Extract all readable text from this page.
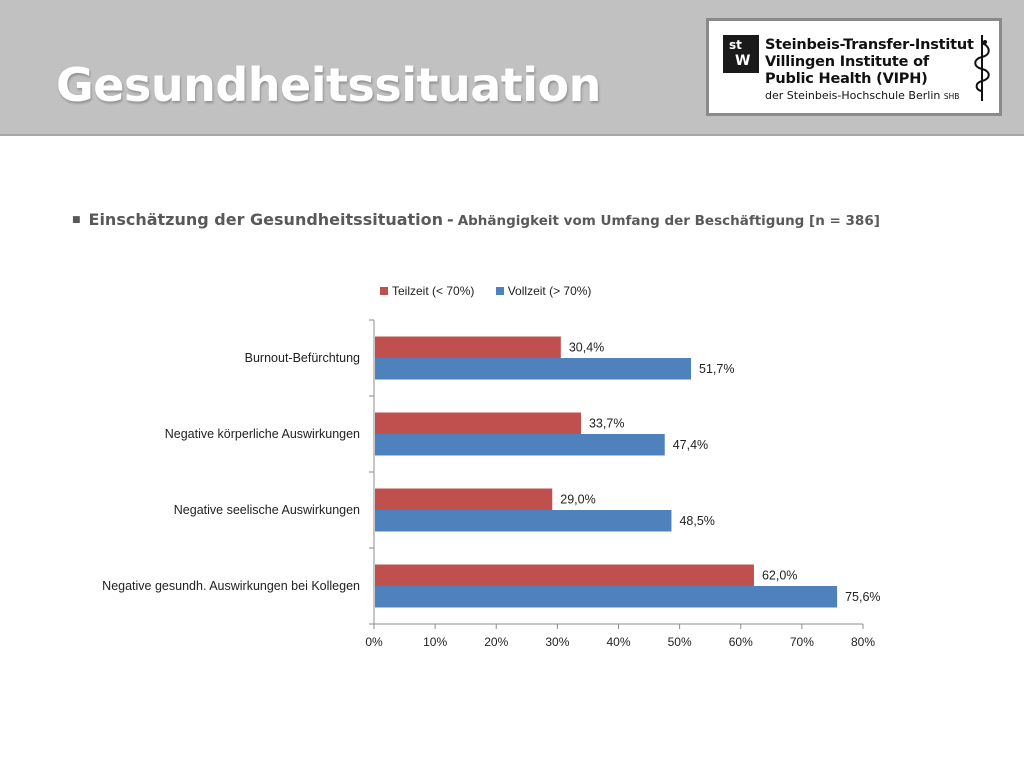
Gesundheitssituation
st
W
Steinbeis-Transfer-Institut
Villingen Institute of
Public Health (VIPH)
der Steinbeis-Hochschule Berlin SHB
■ Einschätzung der Gesundheitssituation - Abhängigkeit vom Umfang der Beschäftigung [n = 386]
Teilzeit (< 70%)	Vollzeit (> 70%)
0%	10%	20%	30%	40%	50%	60%	70%	80%
Burnout-Befürchtung
30,4%
51,7%
Negative körperliche Auswirkungen
33,7%
47,4%
Negative seelische Auswirkungen
29,0%
48,5%
Negative gesundh. Auswirkungen bei Kollegen
62,0%
75,6%
